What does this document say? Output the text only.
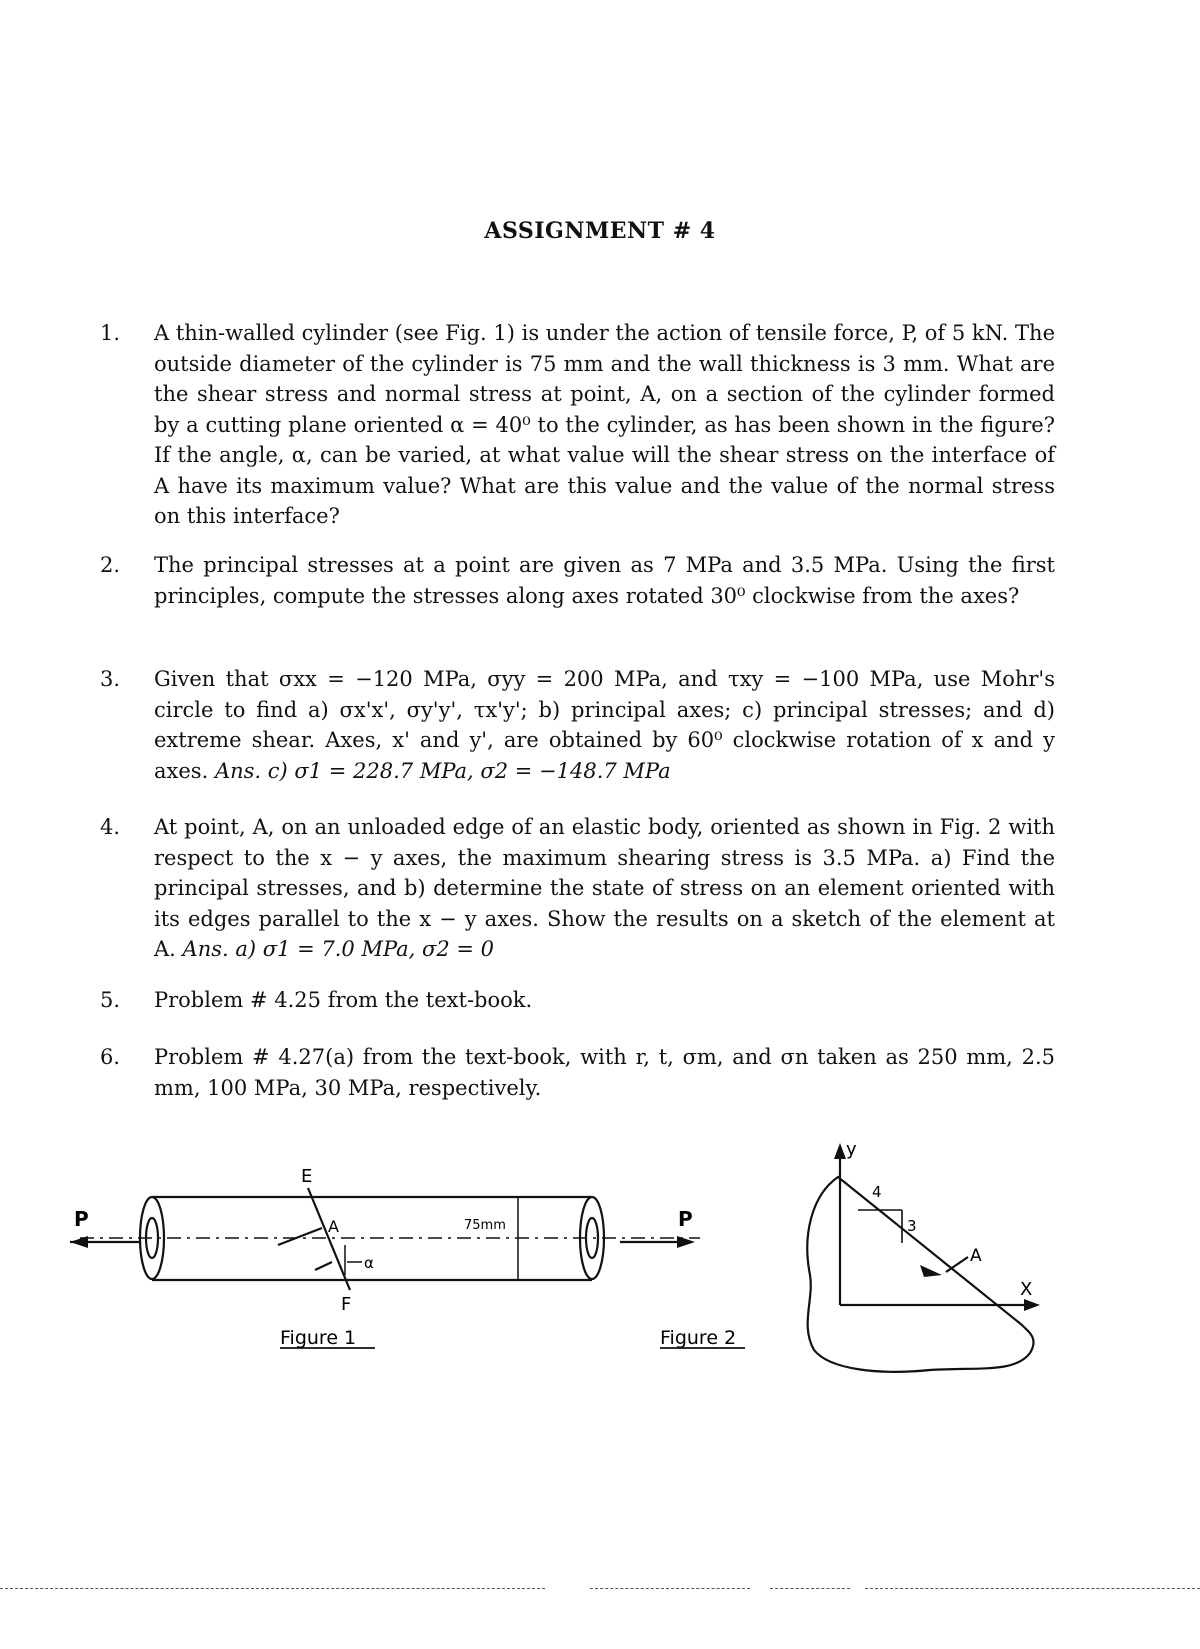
ASSIGNMENT # 4
1.	A thin-walled cylinder (see Fig. 1) is under the action of tensile force, P, of 5 kN. The outside diameter of the cylinder is 75 mm and the wall thickness is 3 mm. What are the shear stress and normal stress at point, A, on a section of the cylinder formed by a cutting plane oriented α = 40⁰ to the cylinder, as has been shown in the figure? If the angle, α, can be varied, at what value will the shear stress on the interface of A have its maximum value? What are this value and the value of the normal stress on this interface?
2.	The principal stresses at a point are given as 7 MPa and 3.5 MPa. Using the first principles, compute the stresses along axes rotated 30⁰ clockwise from the axes?
3.	Given that σxx = −120 MPa, σyy = 200 MPa, and τxy = −100 MPa, use Mohr's circle to find a) σx'x', σy'y', τx'y'; b) principal axes; c) principal stresses; and d) extreme shear. Axes, x' and y', are obtained by 60⁰ clockwise rotation of x and y axes. Ans. c) σ1 = 228.7 MPa, σ2 = −148.7 MPa
4.	At point, A, on an unloaded edge of an elastic body, oriented as shown in Fig. 2 with respect to the x − y axes, the maximum shearing stress is 3.5 MPa. a) Find the principal stresses, and b) determine the state of stress on an element oriented with its edges parallel to the x − y axes. Show the results on a sketch of the element at A. Ans. a) σ1 = 7.0 MPa, σ2 = 0
5.	Problem # 4.25 from the text-book.
6.	Problem # 4.27(a) from the text-book, with r, t, σm, and σn taken as 250 mm, 2.5 mm, 100 MPa, 30 MPa, respectively.
P	P
E
F
A
α
75mm
Figure 1	Figure 2
y
X
4
3
A
